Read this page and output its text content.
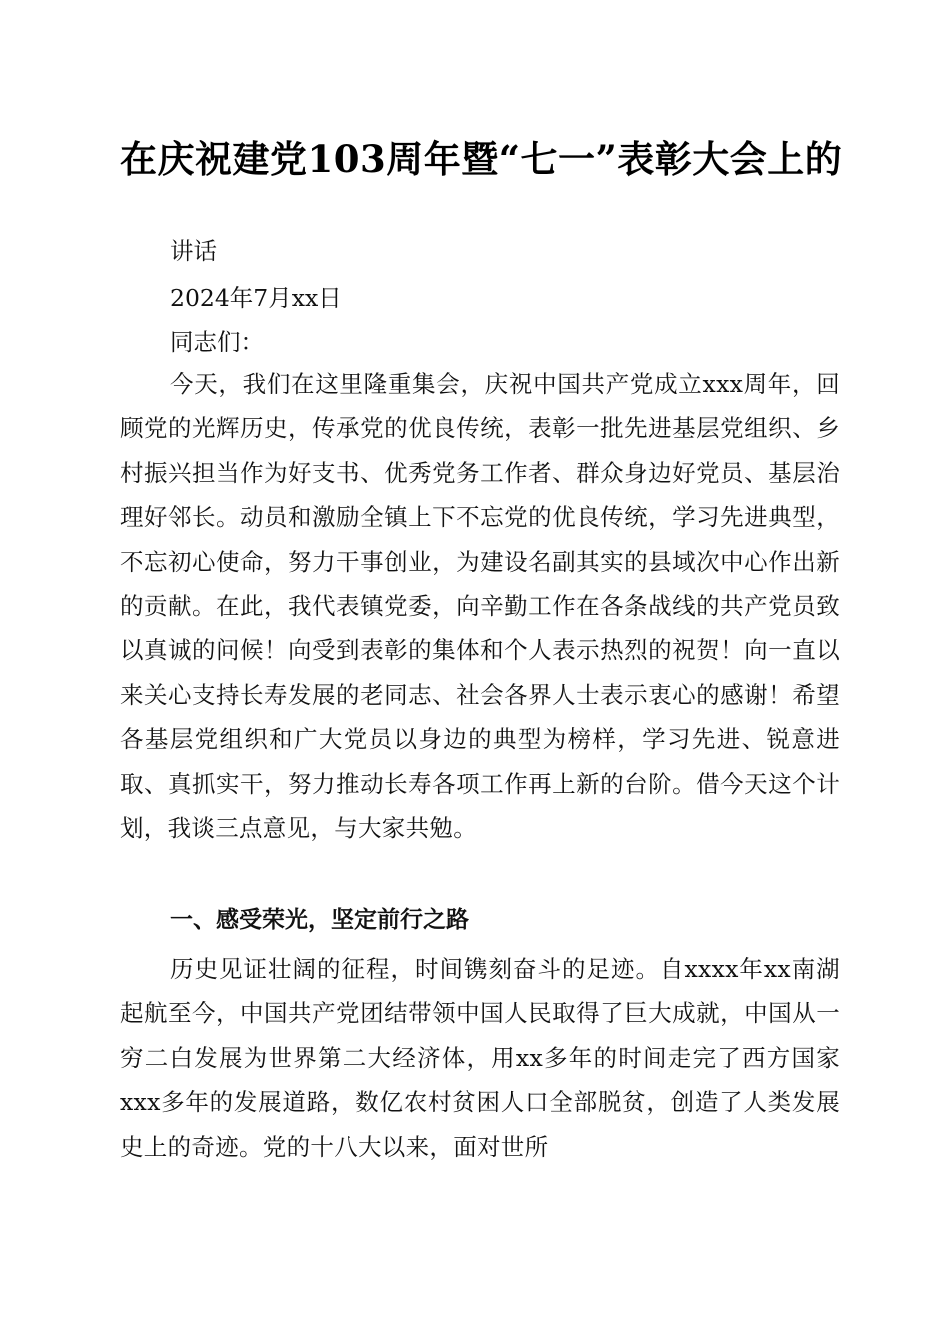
在庆祝建党103周年暨“七一”表彰大会上的
讲话
2024年7月xx日
同志们：
今天，我们在这里隆重集会，庆祝中国共产党成立xxx周年，回顾党的光辉历史，传承党的优良传统，表彰一批先进基层党组织、乡村振兴担当作为好支书、优秀党务工作者、群众身边好党员、基层治理好邻长。动员和激励全镇上下不忘党的优良传统，学习先进典型，不忘初心使命，努力干事创业，为建设名副其实的县域次中心作出新的贡献。在此，我代表镇党委，向辛勤工作在各条战线的共产党员致以真诚的问候！向受到表彰的集体和个人表示热烈的祝贺！向一直以来关心支持长寿发展的老同志、社会各界人士表示衷心的感谢！希望各基层党组织和广大党员以身边的典型为榜样，学习先进、锐意进取、真抓实干，努力推动长寿各项工作再上新的台阶。借今天这个计划，我谈三点意见，与大家共勉。
一、感受荣光，坚定前行之路
历史见证壮阔的征程，时间镌刻奋斗的足迹。自xxxx年xx南湖起航至今，中国共产党团结带领中国人民取得了巨大成就，中国从一穷二白发展为世界第二大经济体，用xx多年的时间走完了西方国家xxx多年的发展道路，数亿农村贫困人口全部脱贫，创造了人类发展史上的奇迹。党的十八大以来，面对世所
